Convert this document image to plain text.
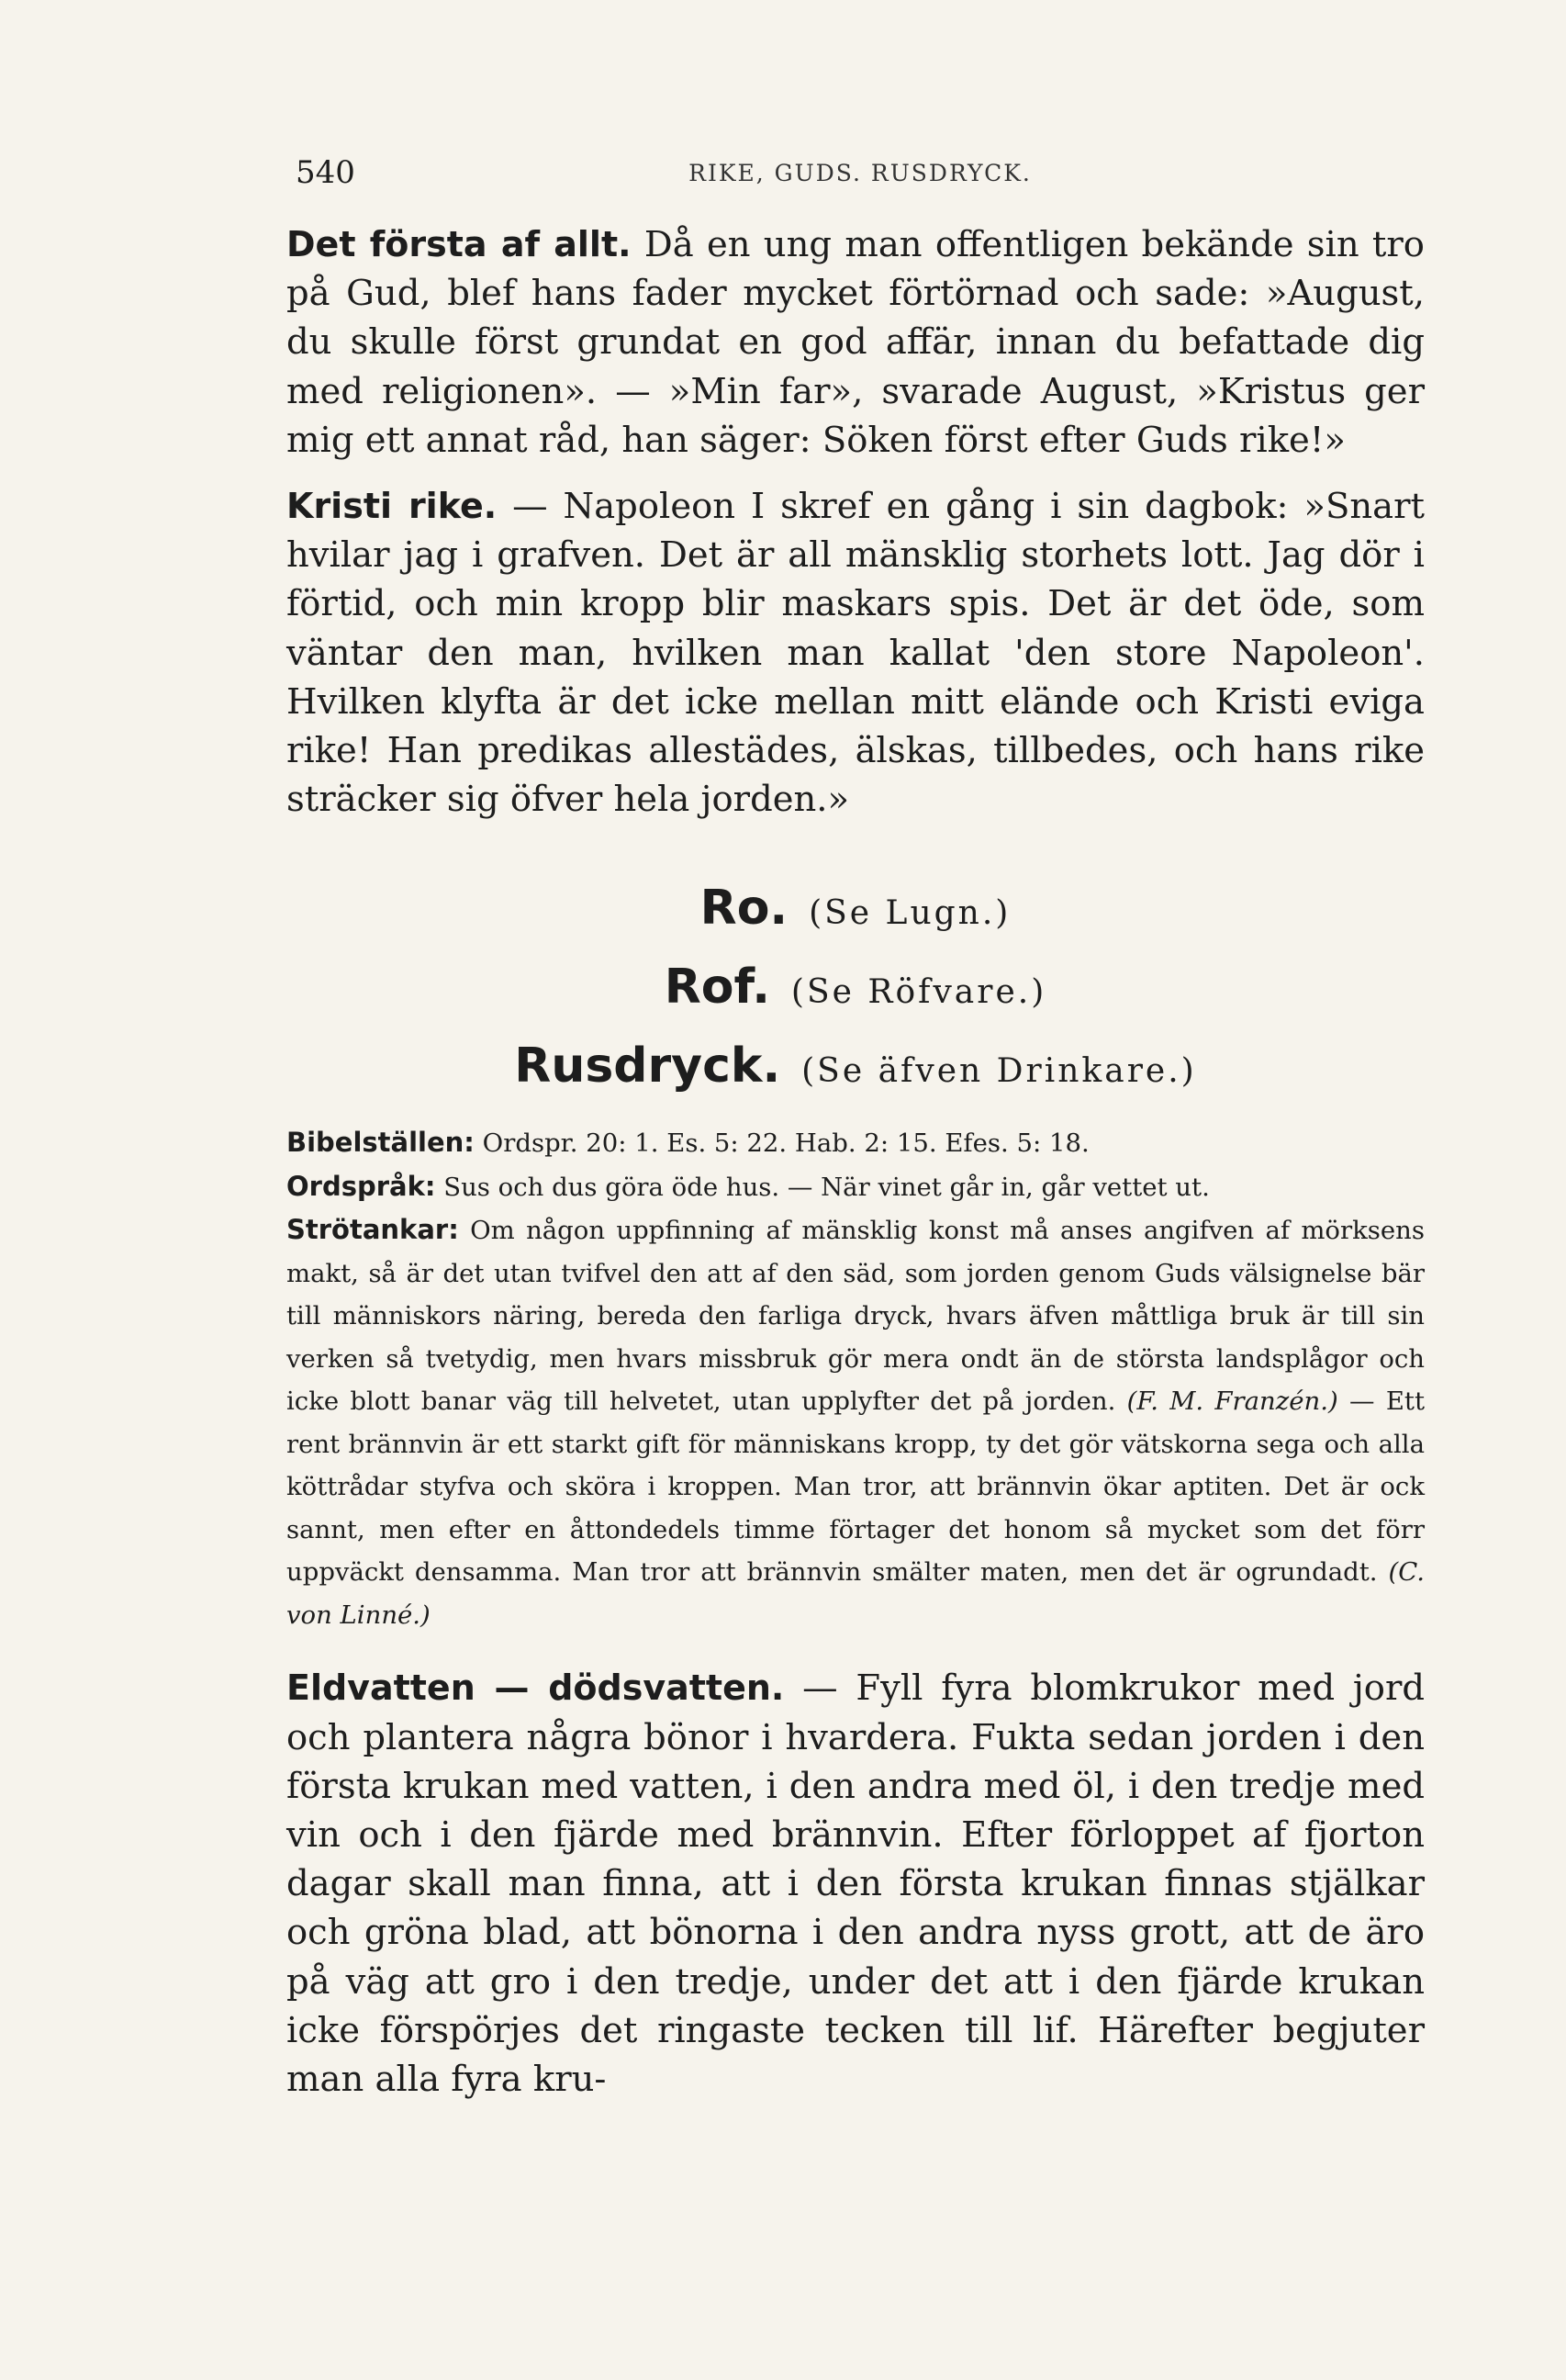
540	RIKE, GUDS. RUSDRYCK.

Det första af allt. Då en ung man offentligen bekände sin tro på Gud, blef hans fader mycket förtörnad och sade: »August, du skulle först grundat en god affär, innan du befattade dig med religionen». — »Min far», svarade August, »Kristus ger mig ett annat råd, han säger: Söken först efter Guds rike!»

Kristi rike. — Napoleon I skref en gång i sin dagbok: »Snart hvilar jag i grafven. Det är all mänsklig storhets lott. Jag dör i förtid, och min kropp blir maskars spis. Det är det öde, som väntar den man, hvilken man kallat 'den store Napoleon'. Hvilken klyfta är det icke mellan mitt elände och Kristi eviga rike! Han predikas allestädes, älskas, tillbedes, och hans rike sträcker sig öfver hela jorden.»

Ro. (Se Lugn.)

Rof. (Se Röfvare.)

Rusdryck. (Se äfven Drinkare.)

Bibelställen: Ordspr. 20: 1. Es. 5: 22. Hab. 2: 15. Efes. 5: 18.

Ordspråk: Sus och dus göra öde hus. — När vinet går in, går vettet ut.

Strötankar: Om någon uppfinning af mänsklig konst må anses angifven af mörksens makt, så är det utan tvifvel den att af den säd, som jorden genom Guds välsignelse bär till människors näring, bereda den farliga dryck, hvars äfven måttliga bruk är till sin verken så tvetydig, men hvars missbruk gör mera ondt än de största landsplågor och icke blott banar väg till helvetet, utan upplyfter det på jorden. (F. M. Franzén.) — Ett rent brännvin är ett starkt gift för människans kropp, ty det gör vätskorna sega och alla köttrådar styfva och sköra i kroppen. Man tror, att brännvin ökar aptiten. Det är ock sannt, men efter en åttondedels timme förtager det honom så mycket som det förr uppväckt densamma. Man tror att brännvin smälter maten, men det är ogrundadt. (C. von Linné.)

Eldvatten — dödsvatten. — Fyll fyra blomkrukor med jord och plantera några bönor i hvardera. Fukta sedan jorden i den första krukan med vatten, i den andra med öl, i den tredje med vin och i den fjärde med brännvin. Efter förloppet af fjorton dagar skall man finna, att i den första krukan finnas stjälkar och gröna blad, att bönorna i den andra nyss grott, att de äro på väg att gro i den tredje, under det att i den fjärde krukan icke förspörjes det ringaste tecken till lif. Härefter begjuter man alla fyra kru-
